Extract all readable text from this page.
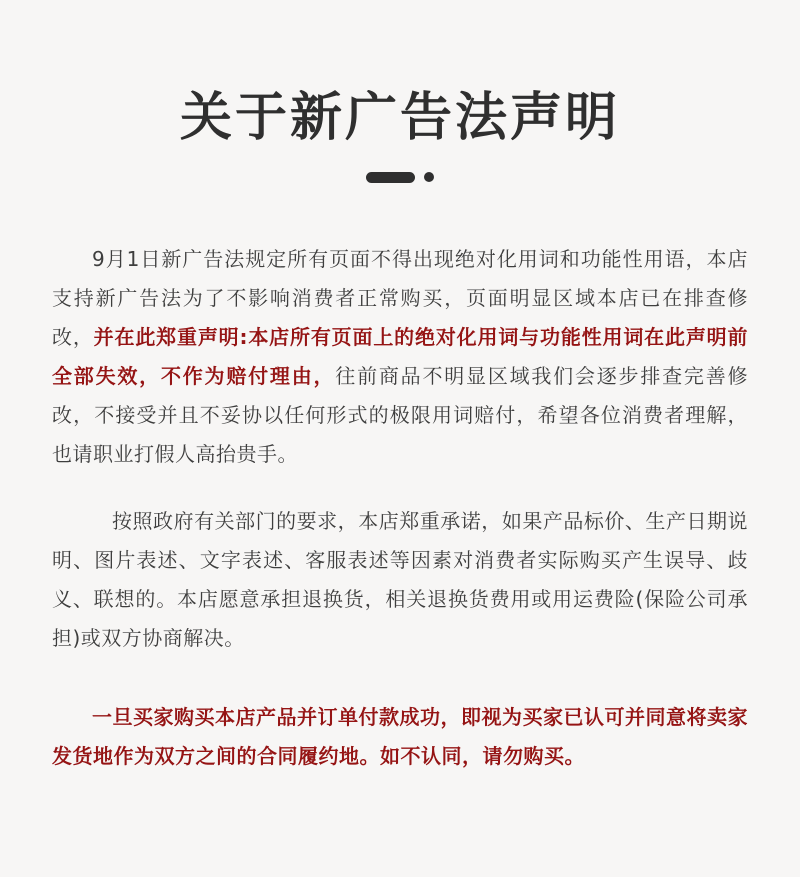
关于新广告法声明

9月1日新广告法规定所有页面不得出现绝对化用词和功能性用语，本店支持新广告法为了不影响消费者正常购买，页面明显区域本店已在排查修改，并在此郑重声明:本店所有页面上的绝对化用词与功能性用词在此声明前全部失效，不作为赔付理由，往前商品不明显区域我们会逐步排查完善修改，不接受并且不妥协以任何形式的极限用词赔付，希望各位消费者理解，也请职业打假人高抬贵手。

按照政府有关部门的要求，本店郑重承诺，如果产品标价、生产日期说明、图片表述、文字表述、客服表述等因素对消费者实际购买产生误导、歧义、联想的。本店愿意承担退换货，相关退换货费用或用运费险(保险公司承担)或双方协商解决。

一旦买家购买本店产品并订单付款成功，即视为买家已认可并同意将卖家发货地作为双方之间的合同履约地。如不认同，请勿购买。
